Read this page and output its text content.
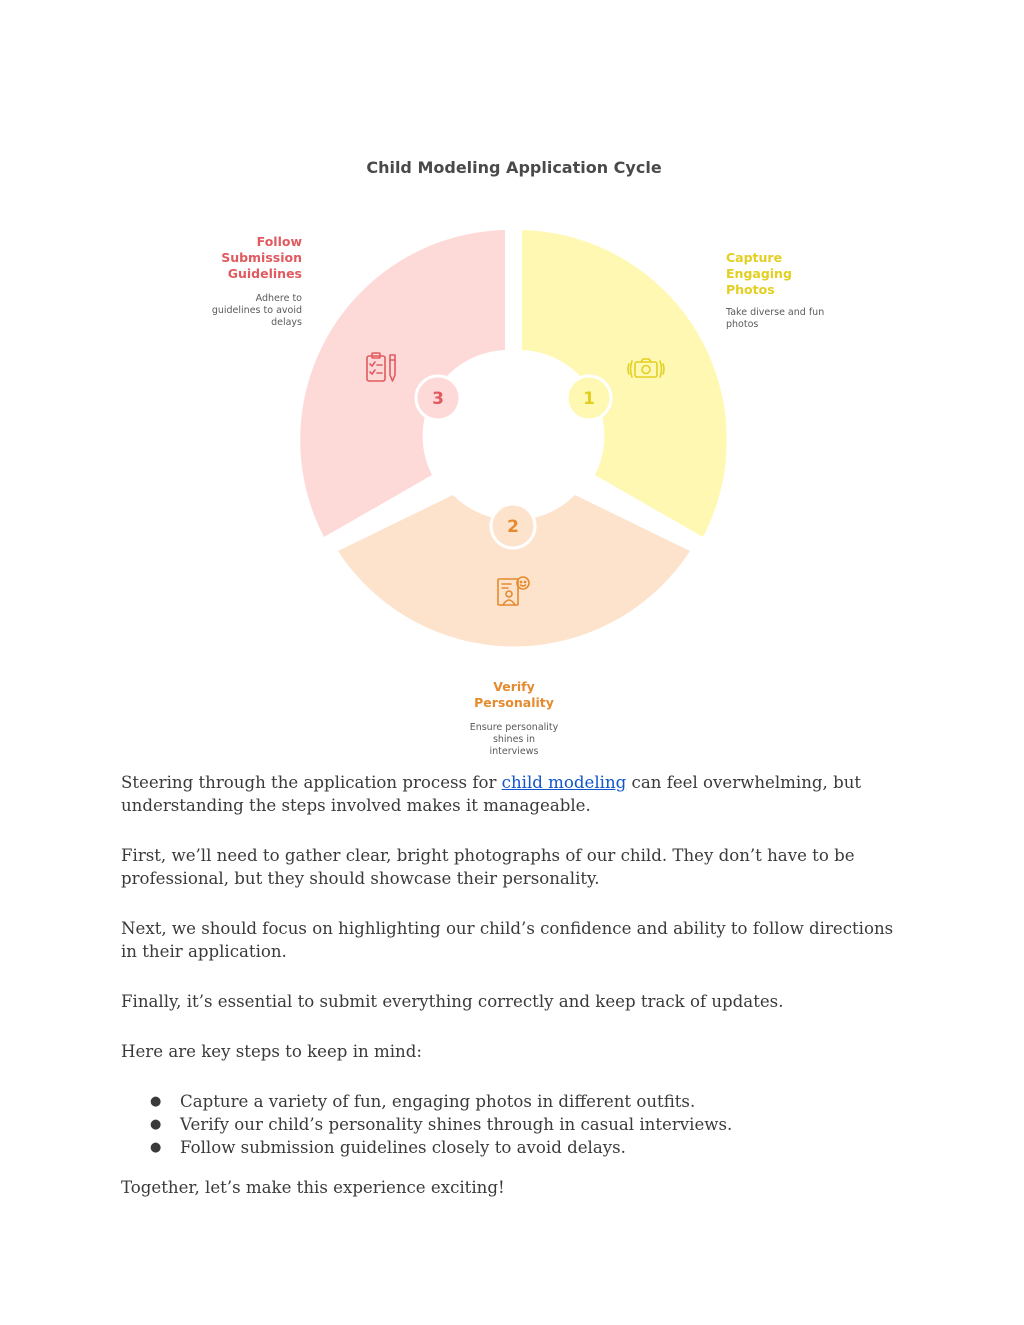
Child Modeling Application Cycle
3	1
2
Follow
Submission
Guidelines
Adhere to
guidelines to avoid
delays
Capture
Engaging
Photos
Take diverse and fun
photos
Verify
Personality
Ensure personality
shines in
interviews

Steering through the application process for child modeling can feel overwhelming, but understanding the steps involved makes it manageable.

First, we’ll need to gather clear, bright photographs of our child. They don’t have to be professional, but they should showcase their personality.

Next, we should focus on highlighting our child’s confidence and ability to follow directions in their application.

Finally, it’s essential to submit everything correctly and keep track of updates.

Here are key steps to keep in mind:

● Capture a variety of fun, engaging photos in different outfits.
● Verify our child’s personality shines through in casual interviews.
● Follow submission guidelines closely to avoid delays.

Together, let’s make this experience exciting!
